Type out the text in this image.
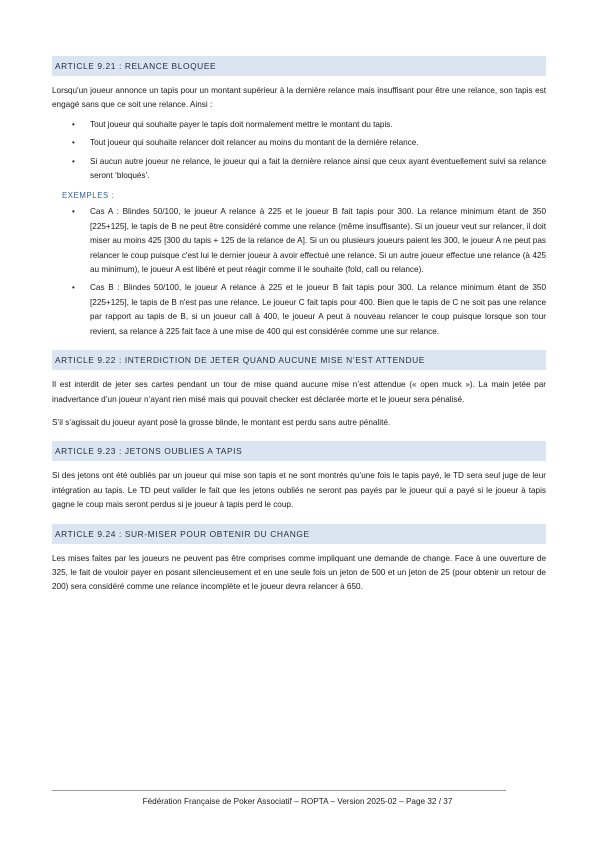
ARTICLE 9.21 : RELANCE BLOQUEE

Lorsqu'un joueur annonce un tapis pour un montant supérieur à la dernière relance mais insuffisant pour être une relance, son tapis est engagé sans que ce soit une relance. Ainsi :

• Tout joueur qui souhaite payer le tapis doit normalement mettre le montant du tapis.
• Tout joueur qui souhaite relancer doit relancer au moins du montant de la dernière relance.
• Si aucun autre joueur ne relance, le joueur qui a fait la dernière relance ainsi que ceux ayant éventuellement suivi sa relance seront ‘bloqués’.
EXEMPLES :
• Cas A : Blindes 50/100, le joueur A relance à 225 et le joueur B fait tapis pour 300. La relance minimum étant de 350 [225+125], le tapis de B ne peut être considéré comme une relance (même insuffisante). Si un joueur veut sur relancer, il doit miser au moins 425 [300 du tapis + 125 de la relance de A]. Si un ou plusieurs joueurs paient les 300, le joueur A ne peut pas relancer le coup puisque c'est lui le dernier joueur à avoir effectué une relance. Si un autre joueur effectue une relance (à 425 au minimum), le joueur A est libéré et peut réagir comme il le souhaite (fold, call ou relance).
• Cas B : Blindes 50/100, le joueur A relance à 225 et le joueur B fait tapis pour 300. La relance minimum étant de 350 [225+125], le tapis de B n'est pas une relance. Le joueur C fait tapis pour 400. Bien que le tapis de C ne soit pas une relance par rapport au tapis de B, si un joueur call à 400, le joueur A peut à nouveau relancer le coup puisque lorsque son tour revient, sa relance à 225 fait face à une mise de 400 qui est considérée comme une sur relance.
ARTICLE 9.22 : INTERDICTION DE JETER QUAND AUCUNE MISE N’EST ATTENDUE

Il est interdit de jeter ses cartes pendant un tour de mise quand aucune mise n’est attendue (« open muck »). La main jetée par inadvertance d’un joueur n’ayant rien misé mais qui pouvait checker est déclarée morte et le joueur sera pénalisé.

S’il s’agissait du joueur ayant posé la grosse blinde, le montant est perdu sans autre pénalité.

ARTICLE 9.23 : JETONS OUBLIES A TAPIS

Si des jetons ont été oubliés par un joueur qui mise son tapis et ne sont montrés qu’une fois le tapis payé, le TD sera seul juge de leur intégration au tapis. Le TD peut valider le fait que les jetons oubliés ne seront pas payés par le joueur qui a payé si le joueur à tapis gagne le coup mais seront perdus si je joueur à tapis perd le coup.

ARTICLE 9.24 : SUR-MISER POUR OBTENIR DU CHANGE

Les mises faites par les joueurs ne peuvent pas être comprises comme impliquant une demande de change. Face à une ouverture de 325, le fait de vouloir payer en posant silencieusement et en une seule fois un jeton de 500 et un jeton de 25 (pour obtenir un retour de 200) sera considéré comme une relance incomplète et le joueur devra relancer à 650.

Fédération Française de Poker Associatif – ROPTA – Version 2025-02 – Page 32 / 37
